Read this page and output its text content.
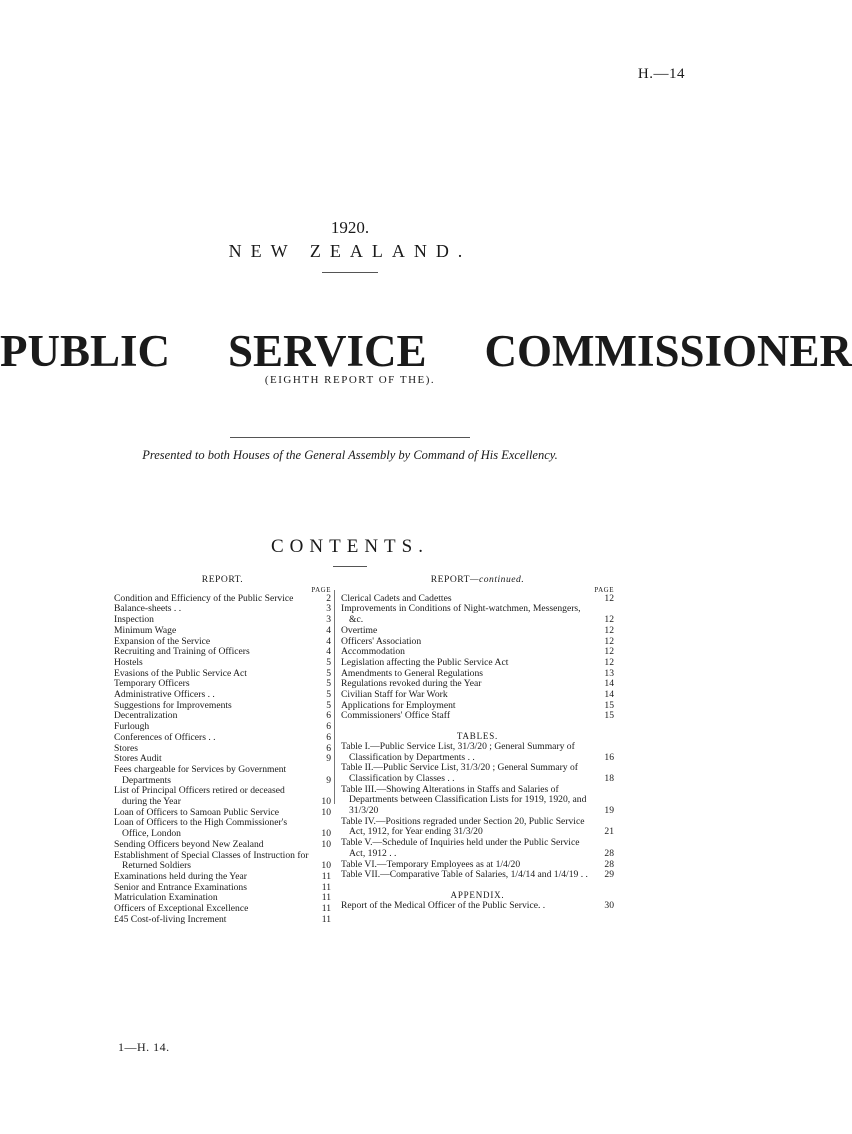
H.—14
1920.
NEW ZEALAND.
PUBLIC SERVICE COMMISSIONER
(EIGHTH REPORT OF THE).
Presented to both Houses of the General Assembly by Command of His Excellency.
CONTENTS.
REPORT.
PAGE
Condition and Efficiency of the Public Service	2
Balance-sheets . .	3
Inspection	3
Minimum Wage	4
Expansion of the Service	4
Recruiting and Training of Officers	4
Hostels	5
Evasions of the Public Service Act	5
Temporary Officers	5
Administrative Officers . .	5
Suggestions for Improvements	5
Decentralization	6
Furlough	6
Conferences of Officers . .	6
Stores	6
Stores Audit	9
Fees chargeable for Services by Government Departments	9
List of Principal Officers retired or deceased during the Year	10
Loan of Officers to Samoan Public Service	10
Loan of Officers to the High Commissioner's Office, London	10
Sending Officers beyond New Zealand	10
Establishment of Special Classes of Instruction for Returned Soldiers	10
Examinations held during the Year	11
Senior and Entrance Examinations	11
Matriculation Examination	11
Officers of Exceptional Excellence	11
£45 Cost-of-living Increment	11
REPORT—continued.
PAGE
Clerical Cadets and Cadettes	12
Improvements in Conditions of Night-watchmen, Messengers, &c.	12
Overtime	12
Officers' Association	12
Accommodation	12
Legislation affecting the Public Service Act	12
Amendments to General Regulations	13
Regulations revoked during the Year	14
Civilian Staff for War Work	14
Applications for Employment	15
Commissioners' Office Staff	15
TABLES.
Table I.—Public Service List, 31/3/20 ; General Summary of Classification by Departments . .	16
Table II.—Public Service List, 31/3/20 ; General Summary of Classification by Classes . .	18
Table III.—Showing Alterations in Staffs and Salaries of Departments between Classification Lists for 1919, 1920, and 31/3/20	19
Table IV.—Positions regraded under Section 20, Public Service Act, 1912, for Year ending 31/3/20	21
Table V.—Schedule of Inquiries held under the Public Service Act, 1912 . .	28
Table VI.—Temporary Employees as at 1/4/20	28
Table VII.—Comparative Table of Salaries, 1/4/14 and 1/4/19 . .	29
APPENDIX.
Report of the Medical Officer of the Public Service. .	30
1—H. 14.
